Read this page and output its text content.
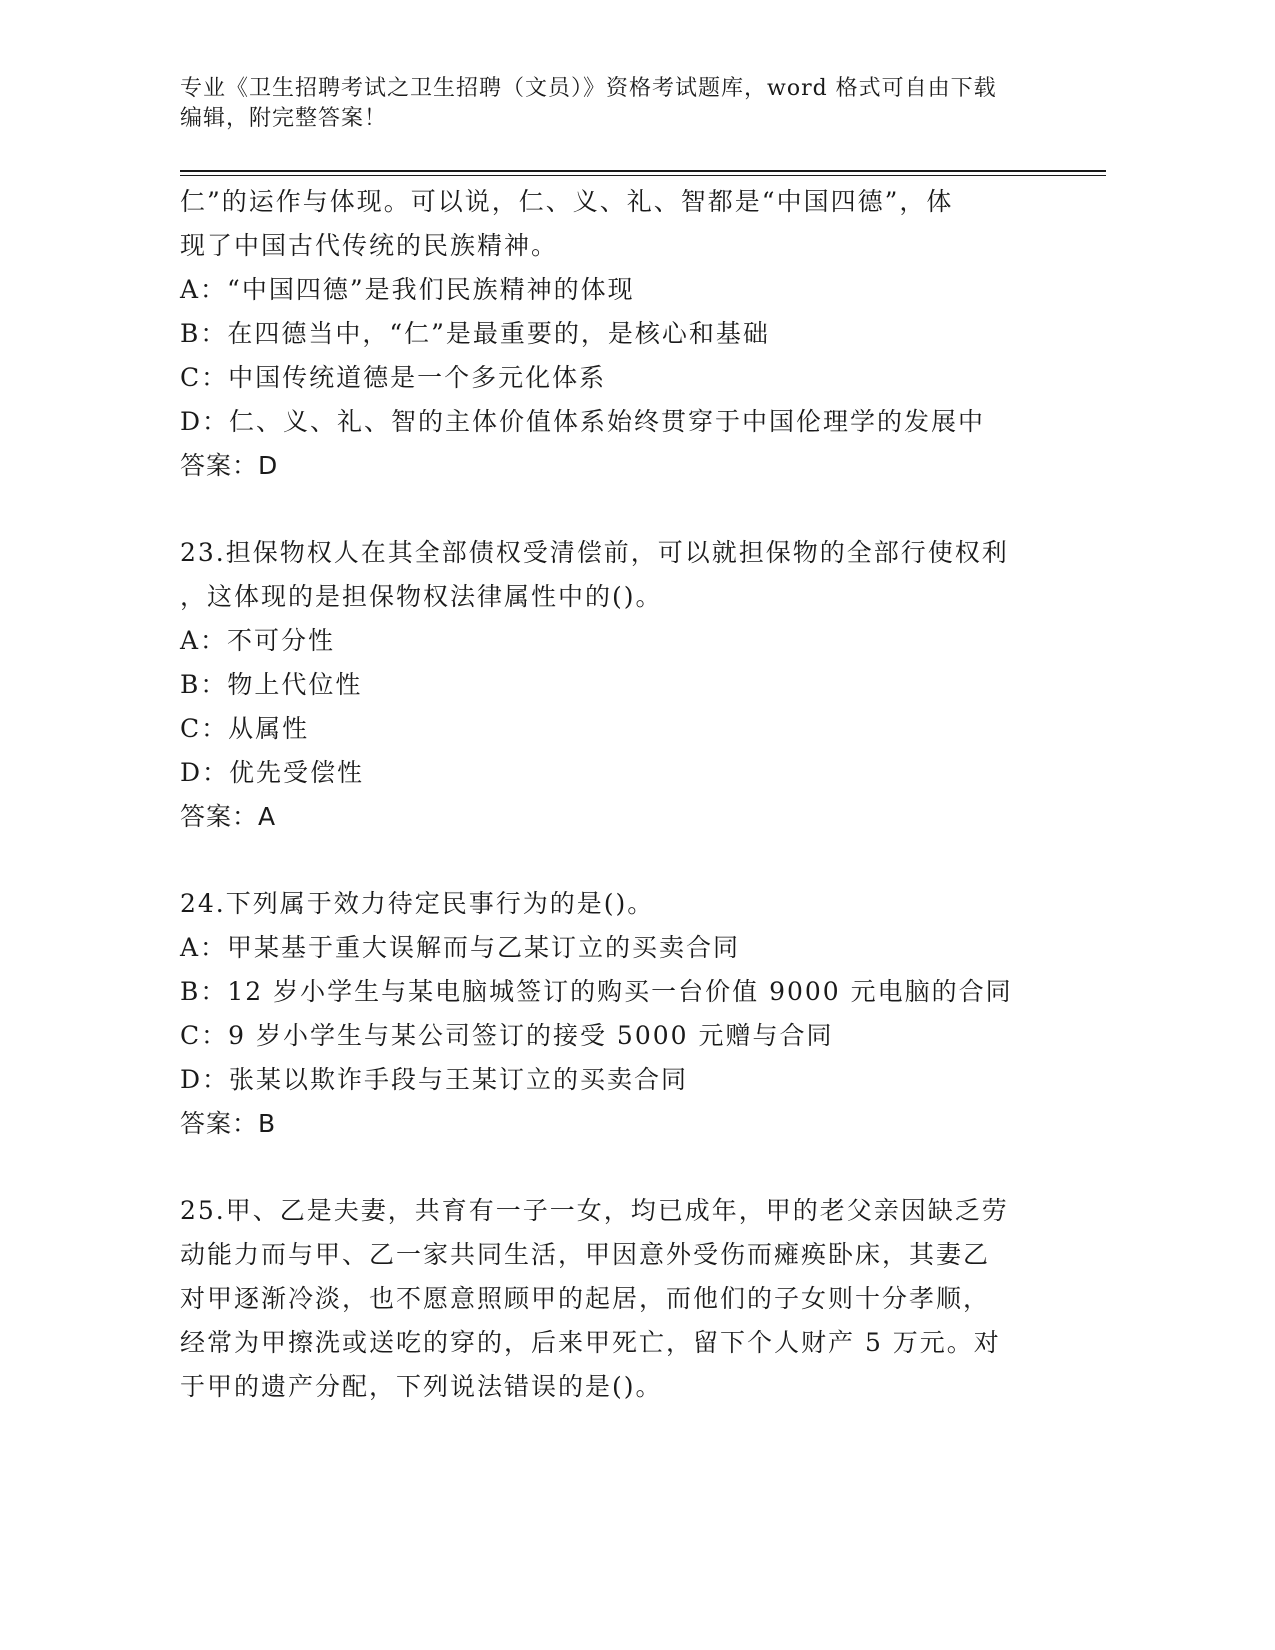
专业《卫生招聘考试之卫生招聘（文员）》资格考试题库，word 格式可自由下载
编辑，附完整答案！
仁”的运作与体现。可以说，仁、义、礼、智都是“中国四德”，体
现了中国古代传统的民族精神。
A：“中国四德”是我们民族精神的体现
B：在四德当中，“仁”是最重要的，是核心和基础
C：中国传统道德是一个多元化体系
D：仁、义、礼、智的主体价值体系始终贯穿于中国伦理学的发展中
答案：D
23.担保物权人在其全部债权受清偿前，可以就担保物的全部行使权利
，这体现的是担保物权法律属性中的()。
A：不可分性
B：物上代位性
C：从属性
D：优先受偿性
答案：A
24.下列属于效力待定民事行为的是()。
A：甲某基于重大误解而与乙某订立的买卖合同
B：12 岁小学生与某电脑城签订的购买一台价值 9000 元电脑的合同
C：9 岁小学生与某公司签订的接受 5000 元赠与合同
D：张某以欺诈手段与王某订立的买卖合同
答案：B
25.甲、乙是夫妻，共育有一子一女，均已成年，甲的老父亲因缺乏劳
动能力而与甲、乙一家共同生活，甲因意外受伤而瘫痪卧床，其妻乙
对甲逐渐冷淡，也不愿意照顾甲的起居，而他们的子女则十分孝顺，
经常为甲擦洗或送吃的穿的，后来甲死亡，留下个人财产 5 万元。对
于甲的遗产分配，下列说法错误的是()。
